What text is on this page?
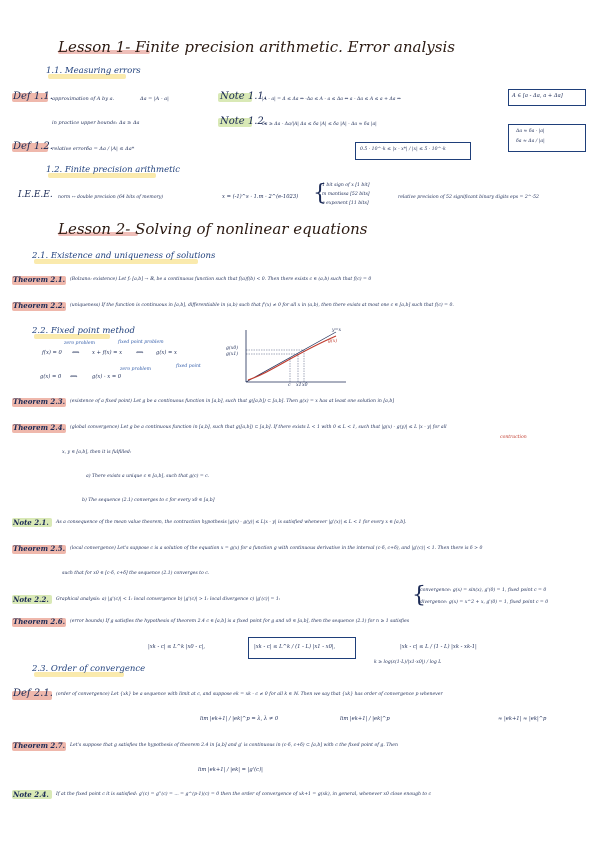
Lesson 1- Finite precision arithmetic. Error analysis
1.1. Measuring errors
Def 1.1. approximation of A by a.	Δa = |A - a|
in practice upper bounds: Δa ≥ Δa
Def 1.2. relative error:
δa = Δa / |A| ≤ Δa*
Note 1.1.
|A - a| = Δ ≤ Δa ⇔ -Δa ≤ A - a ≤ Δa ⇔ a - Δa ≤ A ≤ a + Δa ⇔
A ∈ [a - Δa, a + Δa]
Note 1.2.
δa ≥ Δa - Δa/|A| Δa ≤ δa |A| ≤ δa |A| - Δa ≈ δa |a|
0.5 · 10^-k ≤ |x - x*| / |x| ≤ 5 · 10^-k
Δa ≈ δa · |a|
δa ≈ Δa / |a|
1.2. Finite precision arithmetic
I.E.E.E. norm ↔ double precision (64 bits of memory)	x = (-1)^s · 1.m · 2^(e-1023) {
1 bit sign of x [1 bit]
m mantissa [52 bits]
e exponent [11 bits]
relative precision of 52 significant binary digits eps = 2^-52
Lesson 2- Solving of nonlinear equations
2.1. Existence and uniqueness of solutions
Theorem 2.1. (Bolzano: existence) Let f: [a,b] → ℝ, be a continuous function such that f(a)f(b) < 0. Then there exists c ∈ (a,b) such that f(c) = 0
Theorem 2.2. (uniqueness) If the function is continuous in [a,b], differentiable in (a,b) such that f'(x) ≠ 0 for all x in (a,b), then there exists at most one c ∈ [a,b] such that f(c) = 0.
2.2. Fixed point method
f(x) = 0 ⟺ x + f(x) = x	⟺ g(x) = x
zero problem	fixed point problem
g(x) = 0 ⟺	g(x) · x = 0
zero problem
fixed point
g(x)
y=x
c x1 x0
g(x1)
g(x0)
Theorem 2.3. (existence of a fixed point) Let g be a continuous function in [a,b], such that g([a,b]) ⊂ [a,b]. Then g(x) = x has at least one solution in [a,b]
Theorem 2.4. (global convergence) Let g be a continuous function in [a,b], such that g([a,b]) ⊂ [a,b]. If there exists L < 1 with 0 ≤ L < 1, such that |g(x) - g(y)| ≤ L |x - y| for all
contraction
x, y ∈ [a,b], then it is fulfilled:
a) There exists a unique c ∈ [a,b], such that g(c) = c.
b) The sequence (2.1) converges to c for every x0 ∈ [a,b]
Note 2.1. As a consequence of the mean value theorem, the contraction hypothesis |g(x) - g(y)| ≤ L|x - y| is satisfied whenever |g'(x)| ≤ L < 1 for every x ∈ [a,b].
Theorem 2.5. (local convergence) Let's suppose c is a solution of the equation x = g(x) for a function g with continuous derivative in the interval (c-δ, c+δ), and |g'(c)| < 1. Then there is δ > 0
such that for x0 ∈ [c-δ, c+δ] the sequence (2.1) converges to c.
Note 2.2. Graphical analysis: a) |g'(c)| < 1: local convergence b) |g'(c)| > 1: local divergence c) |g'(c)| = 1:	{
convergence: g(x) = sin(x), g'(0) = 1, fixed point c = 0
divergence: g(x) = x^2 + x, g'(0) = 1, fixed point c = 0
Theorem 2.6. (error bounds) If g satisfies the hypothesis of theorem 2.4 c ∈ [a,b] is a fixed point for g and x0 ∈ [a,b], then the sequence (2.1) for n ≥ 1 satisfies
|xk - c| ≤ L^k |x0 - c|,	|xk - c| ≤ L^k / (1 - L) |x1 - x0|,	|xk - c| ≤ L / (1 - L) |xk - xk-1|
k ≥ log(ε(1-L)/|x1-x0|) / log L
2.3. Order of convergence
Def 2.1. (order of convergence) Let {xk} be a sequence with limit at c, and suppose ek = xk - c ≠ 0 for all k ∈ ℕ. Then we say that {xk} has order of convergence p whenever
lim |ek+1| / |ek|^p = λ, λ ≠ 0	lim |ek+1| / |ek|^p	≈ |ek+1| ≈ |ek|^p
Theorem 2.7. Let's suppose that g satisfies the hypothesis of theorem 2.4 in [a,b] and g' is continuous in (c-δ, c+δ) ⊂ [a,b] with c the fixed point of g. Then
lim |ek+1| / |ek| = |g'(c)|
Note 2.4. If at the fixed point c it is satisfied: g'(c) = g''(c) = ... = g^(p-1)(c) = 0 then the order of convergence of xk+1 = g(xk), in general, whenever x0 close enough to c
